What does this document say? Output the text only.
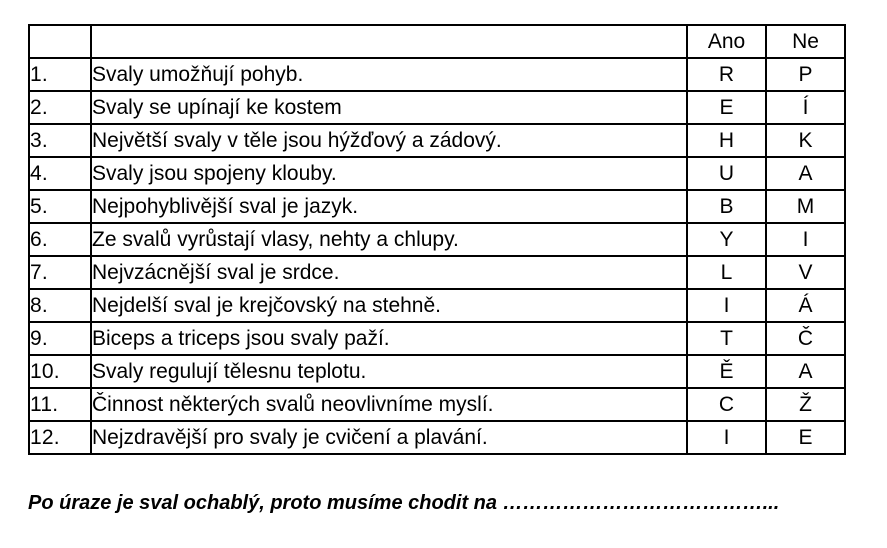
		Ano	Ne
1.	Svaly umožňují pohyb.	R	P
2.	Svaly se upínají ke kostem	E	Í
3.	Největší svaly v těle jsou hýžďový a zádový.	H	K
4.	Svaly jsou spojeny klouby.	U	A
5.	Nejpohyblivější sval je jazyk.	B	M
6.	Ze svalů vyrůstají vlasy, nehty a chlupy.	Y	I
7.	Nejvzácnější sval je srdce.	L	V
8.	Nejdelší sval je krejčovský na stehně.	I	Á
9.	Biceps a triceps jsou svaly paží.	T	Č
10.	Svaly regulují tělesnu teplotu.	Ě	A
11.	Činnost některých svalů neovlivníme myslí.	C	Ž
12.	Nejzdravější pro svaly je cvičení a plavání.	I	E
Po úraze je sval ochablý, proto musíme chodit na …………………………………...
